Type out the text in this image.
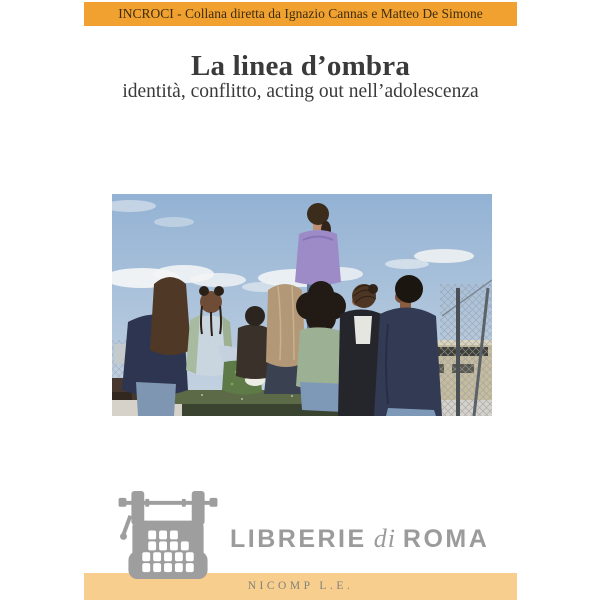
INCROCI - Collana diretta da Ignazio Cannas e Matteo De Simone
La linea d’ombra
identità, conflitto, acting out nell’adolescenza
LIBRERIE di ROMA
NICOMP L.E.
